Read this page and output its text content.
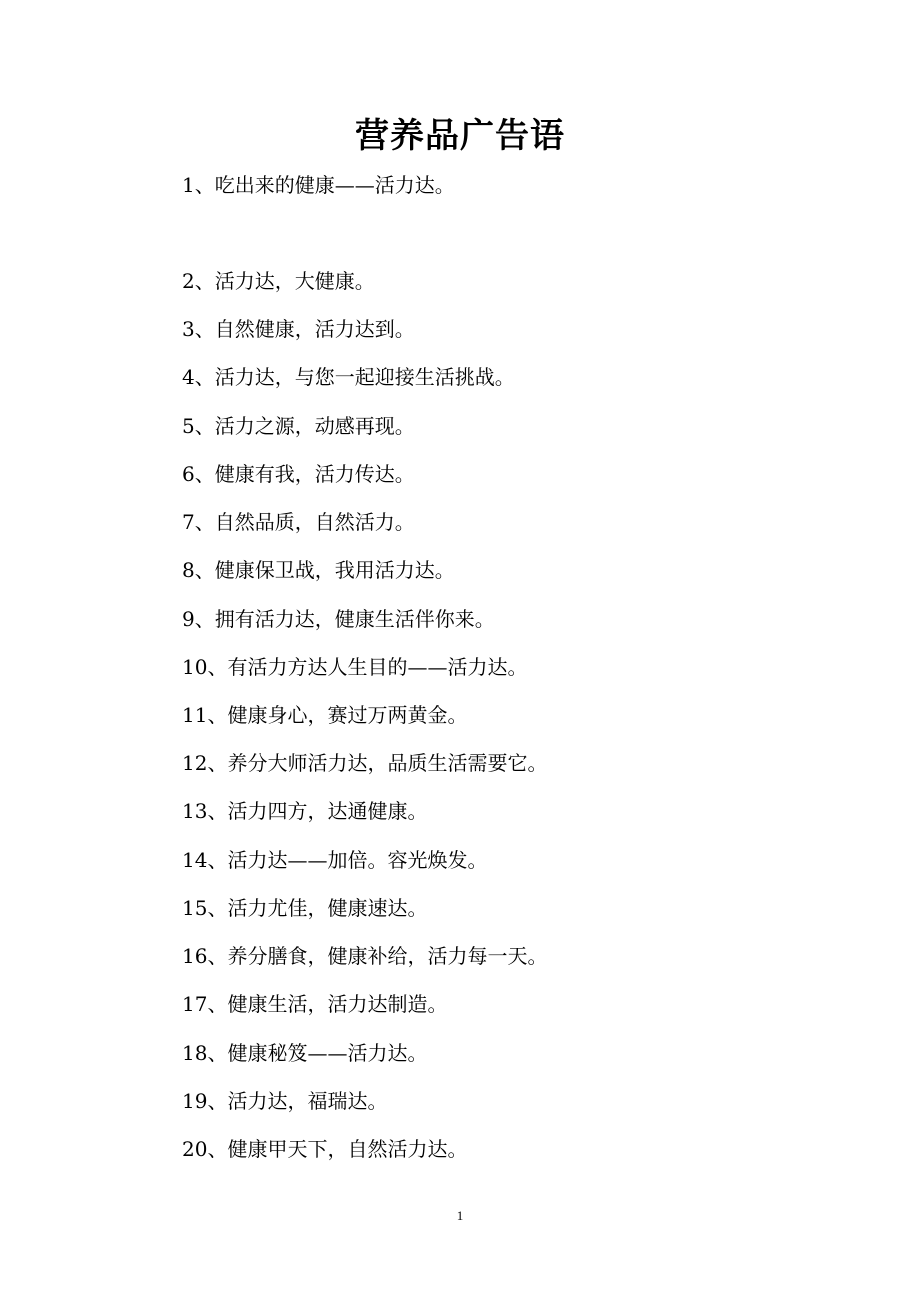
营养品广告语
1、吃出来的健康——活力达。
2、活力达，大健康。
3、自然健康，活力达到。
4、活力达，与您一起迎接生活挑战。
5、活力之源，动感再现。
6、健康有我，活力传达。
7、自然品质，自然活力。
8、健康保卫战，我用活力达。
9、拥有活力达，健康生活伴你来。
10、有活力方达人生目的——活力达。
11、健康身心，赛过万两黄金。
12、养分大师活力达，品质生活需要它。
13、活力四方，达通健康。
14、活力达——加倍。容光焕发。
15、活力尤佳，健康速达。
16、养分膳食，健康补给，活力每一天。
17、健康生活，活力达制造。
18、健康秘笈——活力达。
19、活力达，福瑞达。
20、健康甲天下，自然活力达。
1
